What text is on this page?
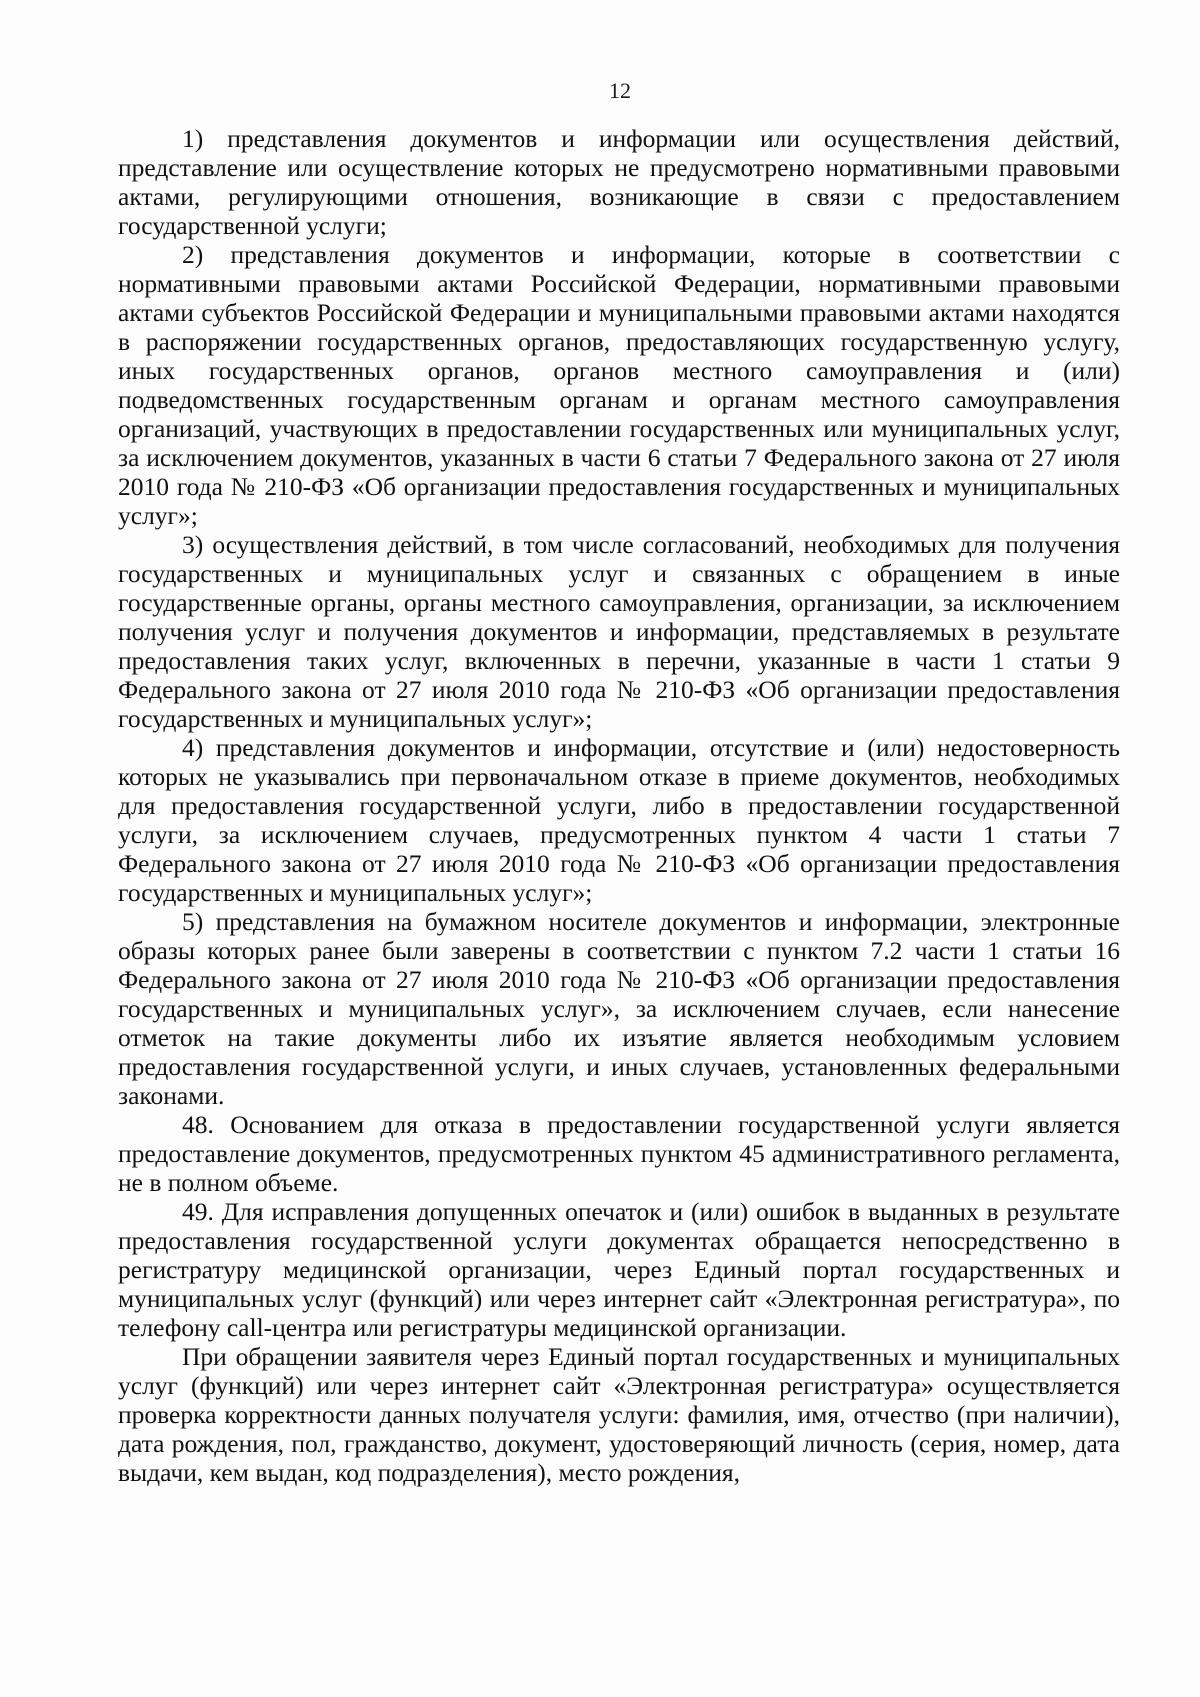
12

1) представления документов и информации или осуществления действий, представление или осуществление которых не предусмотрено нормативными правовыми актами, регулирующими отношения, возникающие в связи с предоставлением государственной услуги;

2) представления документов и информации, которые в соответствии с нормативными правовыми актами Российской Федерации, нормативными правовыми актами субъектов Российской Федерации и муниципальными правовыми актами находятся в распоряжении государственных органов, предоставляющих государственную услугу, иных государственных органов, органов местного самоуправления и (или) подведомственных государственным органам и органам местного самоуправления организаций, участвующих в предоставлении государственных или муниципальных услуг, за исключением документов, указанных в части 6 статьи 7 Федерального закона от 27 июля 2010 года № 210-ФЗ «Об организации предоставления государственных и муниципальных услуг»;

3) осуществления действий, в том числе согласований, необходимых для получения государственных и муниципальных услуг и связанных с обращением в иные государственные органы, органы местного самоуправления, организации, за исключением получения услуг и получения документов и информации, представляемых в результате предоставления таких услуг, включенных в перечни, указанные в части 1 статьи 9 Федерального закона от 27 июля 2010 года № 210-ФЗ «Об организации предоставления государственных и муниципальных услуг»;

4) представления документов и информации, отсутствие и (или) недостоверность которых не указывались при первоначальном отказе в приеме документов, необходимых для предоставления государственной услуги, либо в предоставлении государственной услуги, за исключением случаев, предусмотренных пунктом 4 части 1 статьи 7 Федерального закона от 27 июля 2010 года № 210-ФЗ «Об организации предоставления государственных и муниципальных услуг»;

5) представления на бумажном носителе документов и информации, электронные образы которых ранее были заверены в соответствии с пунктом 7.2 части 1 статьи 16 Федерального закона от 27 июля 2010 года № 210-ФЗ «Об организации предоставления государственных и муниципальных услуг», за исключением случаев, если нанесение отметок на такие документы либо их изъятие является необходимым условием предоставления государственной услуги, и иных случаев, установленных федеральными законами.

48. Основанием для отказа в предоставлении государственной услуги является предоставление документов, предусмотренных пунктом 45 административного регламента, не в полном объеме.

49. Для исправления допущенных опечаток и (или) ошибок в выданных в результате предоставления государственной услуги документах обращается непосредственно в регистратуру медицинской организации, через Единый портал государственных и муниципальных услуг (функций) или через интернет сайт «Электронная регистратура», по телефону call-центра или регистратуры медицинской организации.

При обращении заявителя через Единый портал государственных и муниципальных услуг (функций) или через интернет сайт «Электронная регистратура» осуществляется проверка корректности данных получателя услуги: фамилия, имя, отчество (при наличии), дата рождения, пол, гражданство, документ, удостоверяющий личность (серия, номер, дата выдачи, кем выдан, код подразделения), место рождения,
